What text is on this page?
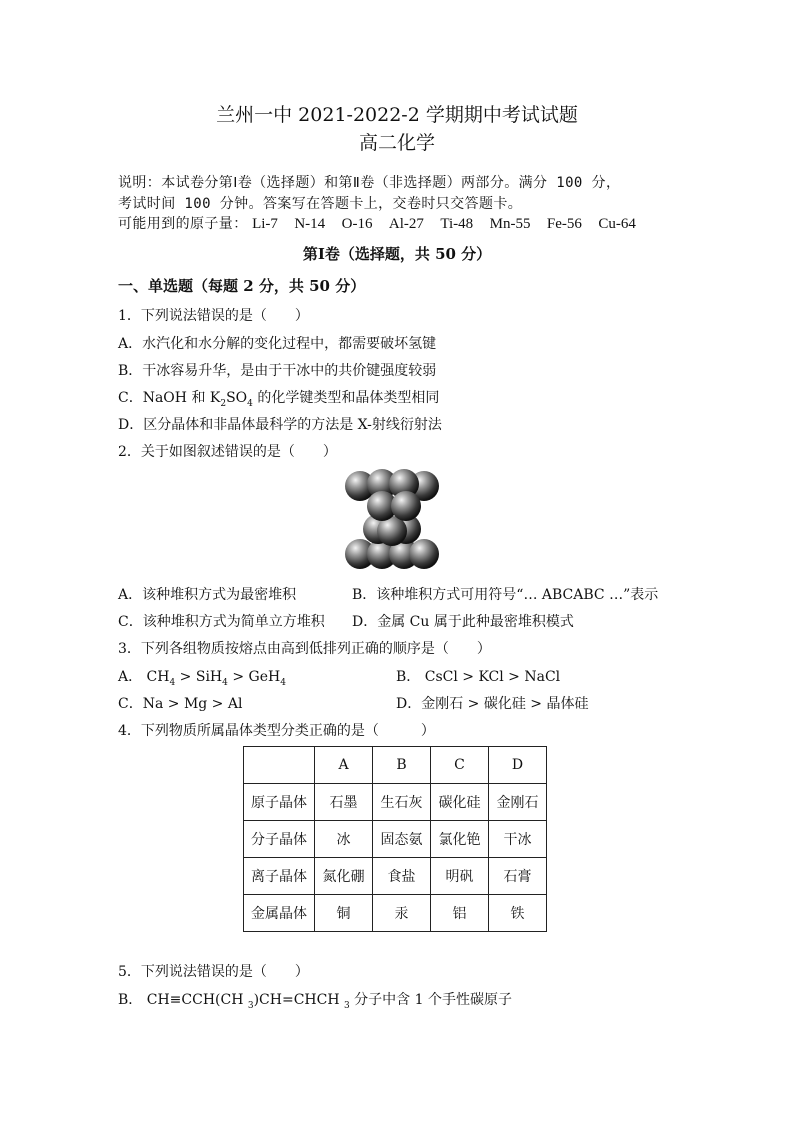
兰州一中 2021-2022-2 学期期中考试试题
高二化学
说明：本试卷分第Ⅰ卷（选择题）和第Ⅱ卷（非选择题）两部分。满分 100 分，
考试时间 100 分钟。答案写在答题卡上，交卷时只交答题卡。
可能用到的原子量： Li-7 N-14 O-16 Al-27 Ti-48 Mn-55 Fe-56 Cu-64
第Ⅰ卷（选择题，共 50 分）
一、单选题（每题 2 分，共 50 分）
1．下列说法错误的是（　　）
A．水汽化和水分解的变化过程中，都需要破坏氢键
B．干冰容易升华，是由于干冰中的共价键强度较弱
C．NaOH 和 $K_2SO_4$ 的化学键类型和晶体类型相同
D．区分晶体和非晶体最科学的方法是 X-射线衍射法
2．关于如图叙述错误的是（　　）
A．该种堆积方式为最密堆积	B．该种堆积方式可用符号“… ABCABC …”表示
C．该种堆积方式为简单立方堆积 D．金属 Cu 属于此种最密堆积模式
3．下列各组物质按熔点由高到低排列正确的顺序是（　　）
A． $CH_4 > SiH_4 > GeH_4$	B． CsCl > KCl > NaCl
C．Na > Mg > Al	D．金刚石 > 碳化硅 > 晶体硅
4．下列物质所属晶体类型分类正确的是（　　　）
	A	B	C	D
原子晶体	石墨	生石灰	碳化硅	金刚石
分子晶体	冰	固态氨	氯化铯	干冰
离子晶体	氮化硼	食盐	明矾	石膏
金属晶体	铜	汞	铝	铁
5．下列说法错误的是（　　）
B． CH≡CCH(CH $_3$)CH=CHCH $_3$ 分子中含 1 个手性碳原子
